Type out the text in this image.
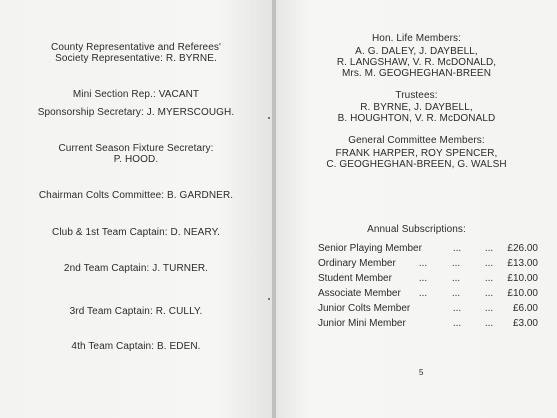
County Representative and Referees'
Society Representative: R. BYRNE.
Mini Section Rep.: VACANT
Sponsorship Secretary: J. MYERSCOUGH.
Current Season Fixture Secretary:
P. HOOD.
Chairman Colts Committee: B. GARDNER.
Club & 1st Team Captain: D. NEARY.
2nd Team Captain: J. TURNER.
3rd Team Captain: R. CULLY.
4th Team Captain: B. EDEN.
Hon. Life Members:
A. G. DALEY, J. DAYBELL,
R. LANGSHAW, V. R. McDONALD,
Mrs. M. GEOGHEGHAN-BREEN
Trustees:
R. BYRNE, J. DAYBELL,
B. HOUGHTON, V. R. McDONALD
General Committee Members:
FRANK HARPER, ROY SPENCER,
C. GEOGHEGHAN-BREEN, G. WALSH
Annual Subscriptions:
Senior Playing Member	...	...	£26.00
Ordinary Member	...	...	...	£13.00
Student Member	...	...	...	£10.00
Associate Member	...	...	...	£10.00
Junior Colts Member	...	...	£6.00
Junior Mini Member	...	...	£3.00
5
